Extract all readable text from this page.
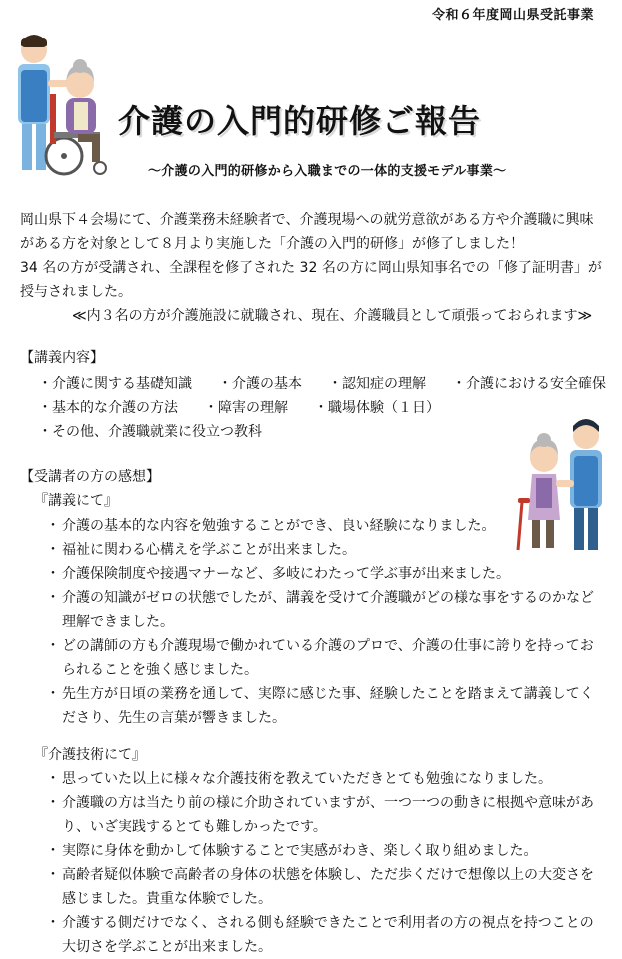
令和６年度岡山県受託事業
介護の入門的研修ご報告
～介護の入門的研修から入職までの一体的支援モデル事業～

岡山県下４会場にて、介護業務未経験者で、介護現場への就労意欲がある方や介護職に興味がある方を対象として８月より実施した「介護の入門的研修」が修了しました！

34 名の方が受講され、全課程を修了された 32 名の方に岡山県知事名での「修了証明書」が授与されました。

≪内３名の方が介護施設に就職され、現在、介護職員として頑張っておられます≫

【講義内容】
・介護に関する基礎知識 ・介護の基本 ・認知症の理解 ・介護における安全確保
・基本的な介護の方法 ・障害の理解 ・職場体験（１日）
・その他、介護職就業に役立つ教科
【受講者の方の感想】
『講義にて』
・ 介護の基本的な内容を勉強することができ、良い経験になりました。
・ 福祉に関わる心構えを学ぶことが出来ました。
・ 介護保険制度や接遇マナーなど、多岐にわたって学ぶ事が出来ました。
・ 介護の知識がゼロの状態でしたが、講義を受けて介護職がどの様な事をするのかなど理解できました。
・ どの講師の方も介護現場で働かれている介護のプロで、介護の仕事に誇りを持っておられることを強く感じました。
・ 先生方が日頃の業務を通して、実際に感じた事、経験したことを踏まえて講義してくださり、先生の言葉が響きました。
『介護技術にて』
・ 思っていた以上に様々な介護技術を教えていただきとても勉強になりました。
・ 介護職の方は当たり前の様に介助されていますが、一つ一つの動きに根拠や意味があり、いざ実践するとても難しかったです。
・ 実際に身体を動かして体験することで実感がわき、楽しく取り組めました。
・ 高齢者疑似体験で高齢者の身体の状態を体験し、ただ歩くだけで想像以上の大変さを感じました。貴重な体験でした。
・ 介護する側だけでなく、される側も経験できたことで利用者の方の視点を持つことの大切さを学ぶことが出来ました。
